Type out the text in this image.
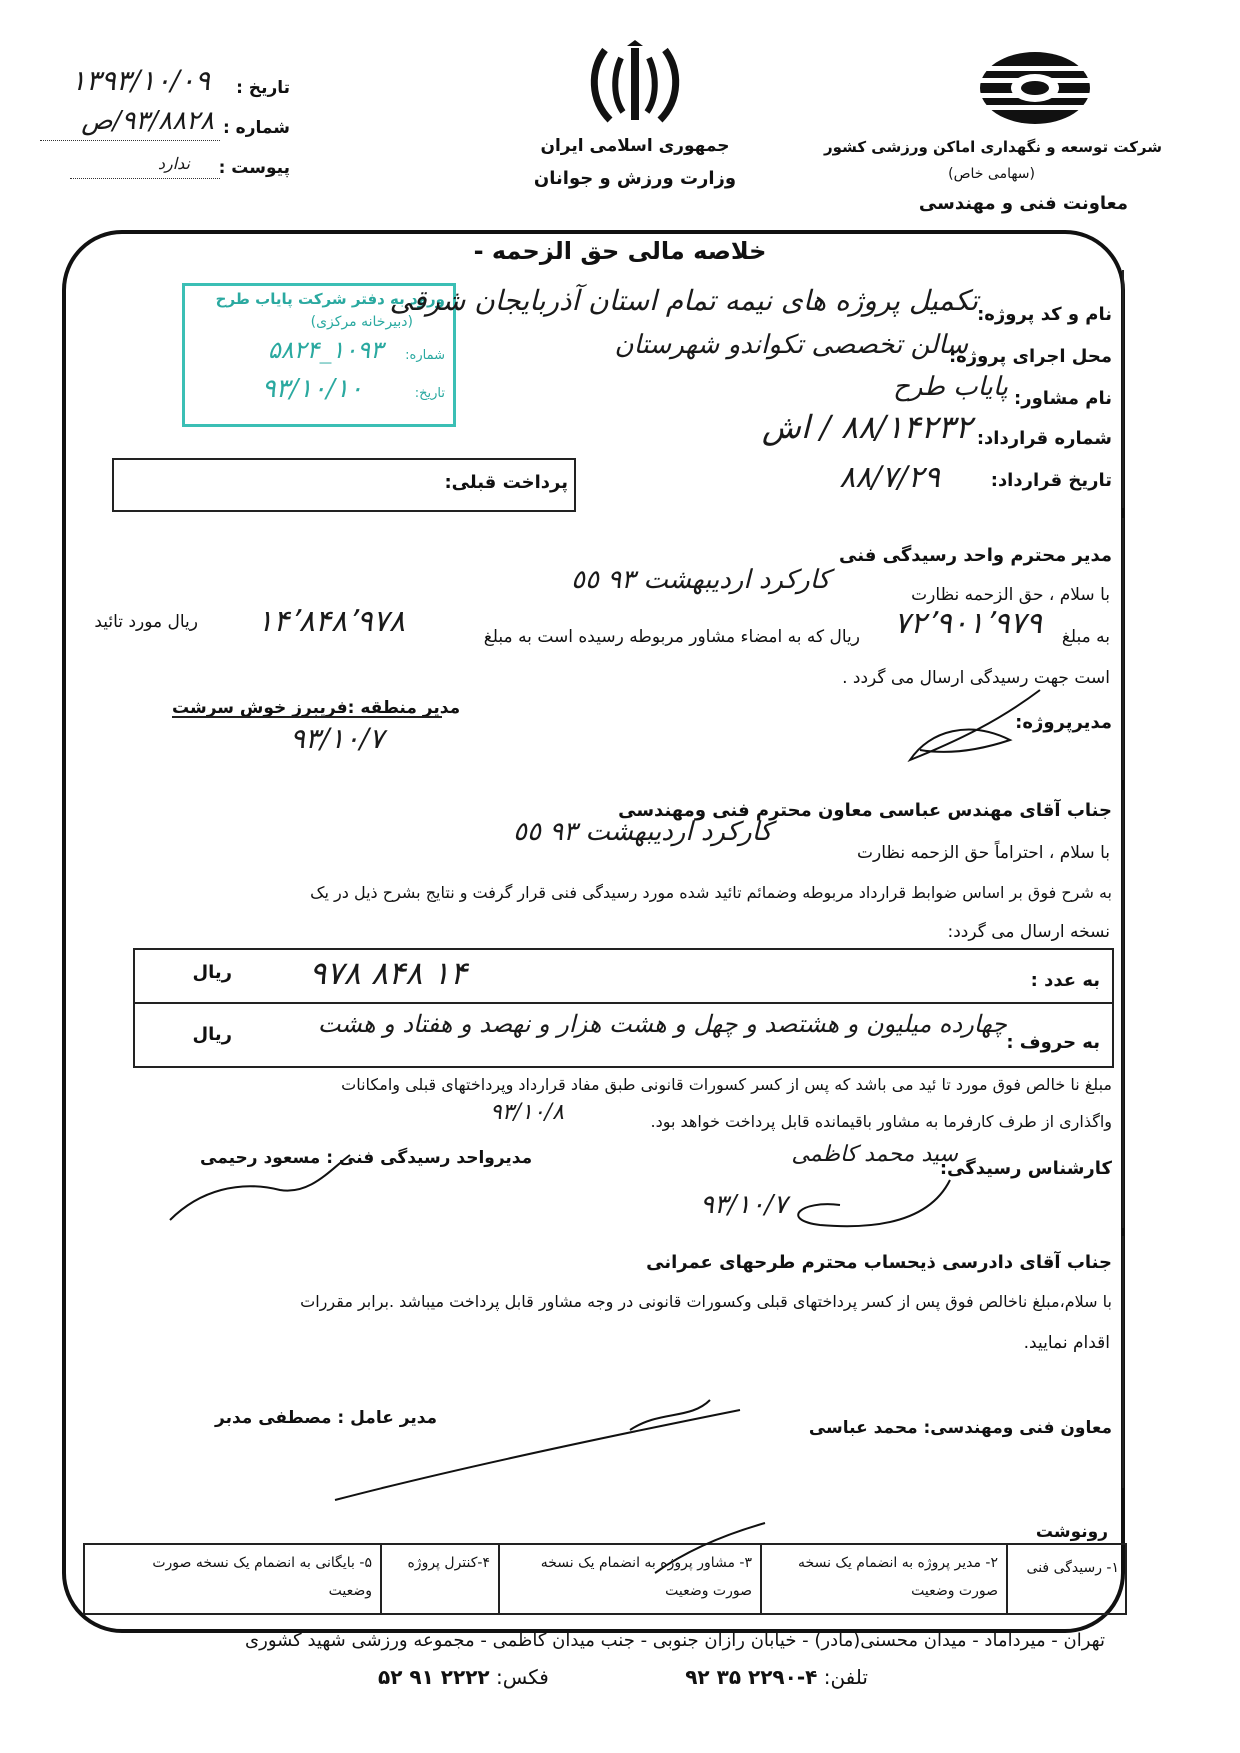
تاریخ :
۱۳۹۳/۱۰/۰۹
شماره :
۹۳/۸۸۲۸/ص
پیوست :
ندارد
جمهوری اسلامی ایران
وزارت ورزش و جوانان
شرکت توسعه و نگهداری اماکن ورزشی کشور
(سهامی خاص)
معاونت فنی و مهندسی
خلاصه مالی حق الزحمه -
ورود به دفتر شرکت پایاب طرح
(دبیرخانه مرکزی)
شماره:
۱۰۹۳_۵۸۲۴
تاریخ:
۹۳/۱۰/۱۰
نام و کد پروژه:
تکمیل پروژه های نیمه تمام استان آذربایجان شرقی
محل اجرای پروژه:
سالن تخصصی تکواندو شهرستان
نام مشاور:
پایاب طرح
شماره قرارداد:
۸۸/۱۴۲۳۲ / اش
تاریخ قرارداد:
۸۸/۷/۲۹
پرداخت قبلی:
مدیر محترم واحد رسیدگی فنی
با سلام ، حق الزحمه نظارت
کارکرد اردیبهشت ۹۳ ٥٥
به مبلغ
۷۲٬۹۰۱٬۹۷۹
ریال که به امضاء مشاور مربوطه رسیده است به مبلغ
۱۴٬۸۴۸٬۹۷۸
ریال مورد تائید
است جهت رسیدگی ارسال می گردد .
مدیر منطقه :فریبرز خوش سرشت
مدیرپروژه:
۹۳/۱۰/۷
جناب آقای مهندس عباسی معاون محترم فنی ومهندسی
با سلام ، احتراماً حق الزحمه نظارت
کارکرد اردیبهشت ۹۳ ٥٥
به شرح فوق بر اساس ضوابط قرارداد مربوطه وضمائم تائید شده مورد رسیدگی فنی قرار گرفت و نتایج بشرح ذیل در یک
نسخه ارسال می گردد:
به عدد :
۱۴ ۸۴۸ ۹۷۸
ریال
به حروف :
چهارده میلیون و هشتصد و چهل و هشت هزار و نهصد و هفتاد و هشت
ریال
مبلغ نا خالص فوق مورد تا ئید می باشد که پس از کسر کسورات قانونی طبق مفاد قرارداد وپرداختهای قبلی وامکانات
واگذاری از طرف کارفرما به مشاور باقیمانده قابل پرداخت خواهد بود.
۹۳/۱۰/۸
مدیرواحد رسیدگی فنی : مسعود رحیمی	کارشناس رسیدگی:
سید محمد کاظمی
۹۳/۱۰/۷
جناب آقای دادرسی ذیحساب محترم طرحهای عمرانی
با سلام،مبلغ ناخالص فوق پس از کسر پرداختهای قبلی وکسورات قانونی در وجه مشاور قابل پرداخت میباشد .برابر مقررات
اقدام نمایید.
مدیر عامل : مصطفی مدبر	معاون فنی ومهندسی: محمد عباسی
رونوشت
۱- رسیدگی فنی
۲- مدیر پروژه به انضمام یک نسخه صورت وضعیت
۳- مشاور پروژه به انضمام یک نسخه صورت وضعیت
۴-کنترل پروژه
۵- بایگانی به انضمام یک نسخه صورت وضعیت
تهران - میرداماد - میدان محسنی(مادر) - خیابان رازان جنوبی - جنب میدان کاظمی - مجموعه ورزشی شهید کشوری
تلفن: ۴-۲۲۹۰ ۳۵ ۹۲
فکس: ۲۲۲۲ ۹۱ ۵۲
